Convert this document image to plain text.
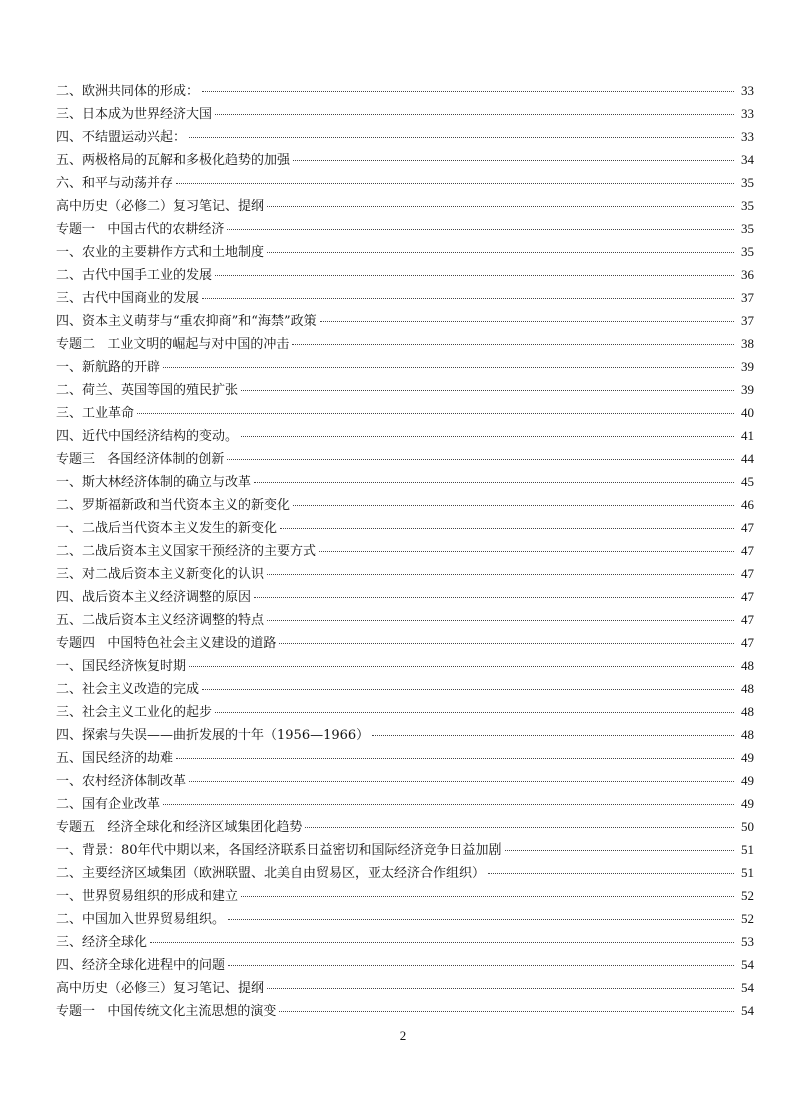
二、欧洲共同体的形成：	33
三、日本成为世界经济大国	33
四、不结盟运动兴起：	33
五、两极格局的瓦解和多极化趋势的加强	34
六、和平与动荡并存	35
高中历史（必修二）复习笔记、提纲	35
专题一   中国古代的农耕经济	35
一、农业的主要耕作方式和土地制度	35
二、古代中国手工业的发展	36
三、古代中国商业的发展	37
四、资本主义萌芽与“重农抑商”和“海禁”政策	37
专题二   工业文明的崛起与对中国的冲击	38
一、新航路的开辟	39
二、荷兰、英国等国的殖民扩张	39
三、工业革命	40
四、近代中国经济结构的变动。	41
专题三   各国经济体制的创新	44
一、斯大林经济体制的确立与改革	45
二、罗斯福新政和当代资本主义的新变化	46
一、二战后当代资本主义发生的新变化	47
二、二战后资本主义国家干预经济的主要方式	47
三、对二战后资本主义新变化的认识	47
四、战后资本主义经济调整的原因	47
五、二战后资本主义经济调整的特点	47
专题四   中国特色社会主义建设的道路	47
一、国民经济恢复时期	48
二、社会主义改造的完成	48
三、社会主义工业化的起步	48
四、探索与失误——曲折发展的十年（1956—1966）	48
五、国民经济的劫难	49
一、农村经济体制改革	49
二、国有企业改革	49
专题五   经济全球化和经济区域集团化趋势	50
一、背景：80年代中期以来，各国经济联系日益密切和国际经济竞争日益加剧	51
二、主要经济区域集团（欧洲联盟、北美自由贸易区，亚太经济合作组织）	51
一、世界贸易组织的形成和建立	52
二、中国加入世界贸易组织。	52
三、经济全球化	53
四、经济全球化进程中的问题	54
高中历史（必修三）复习笔记、提纲	54
专题一   中国传统文化主流思想的演变	54
2
